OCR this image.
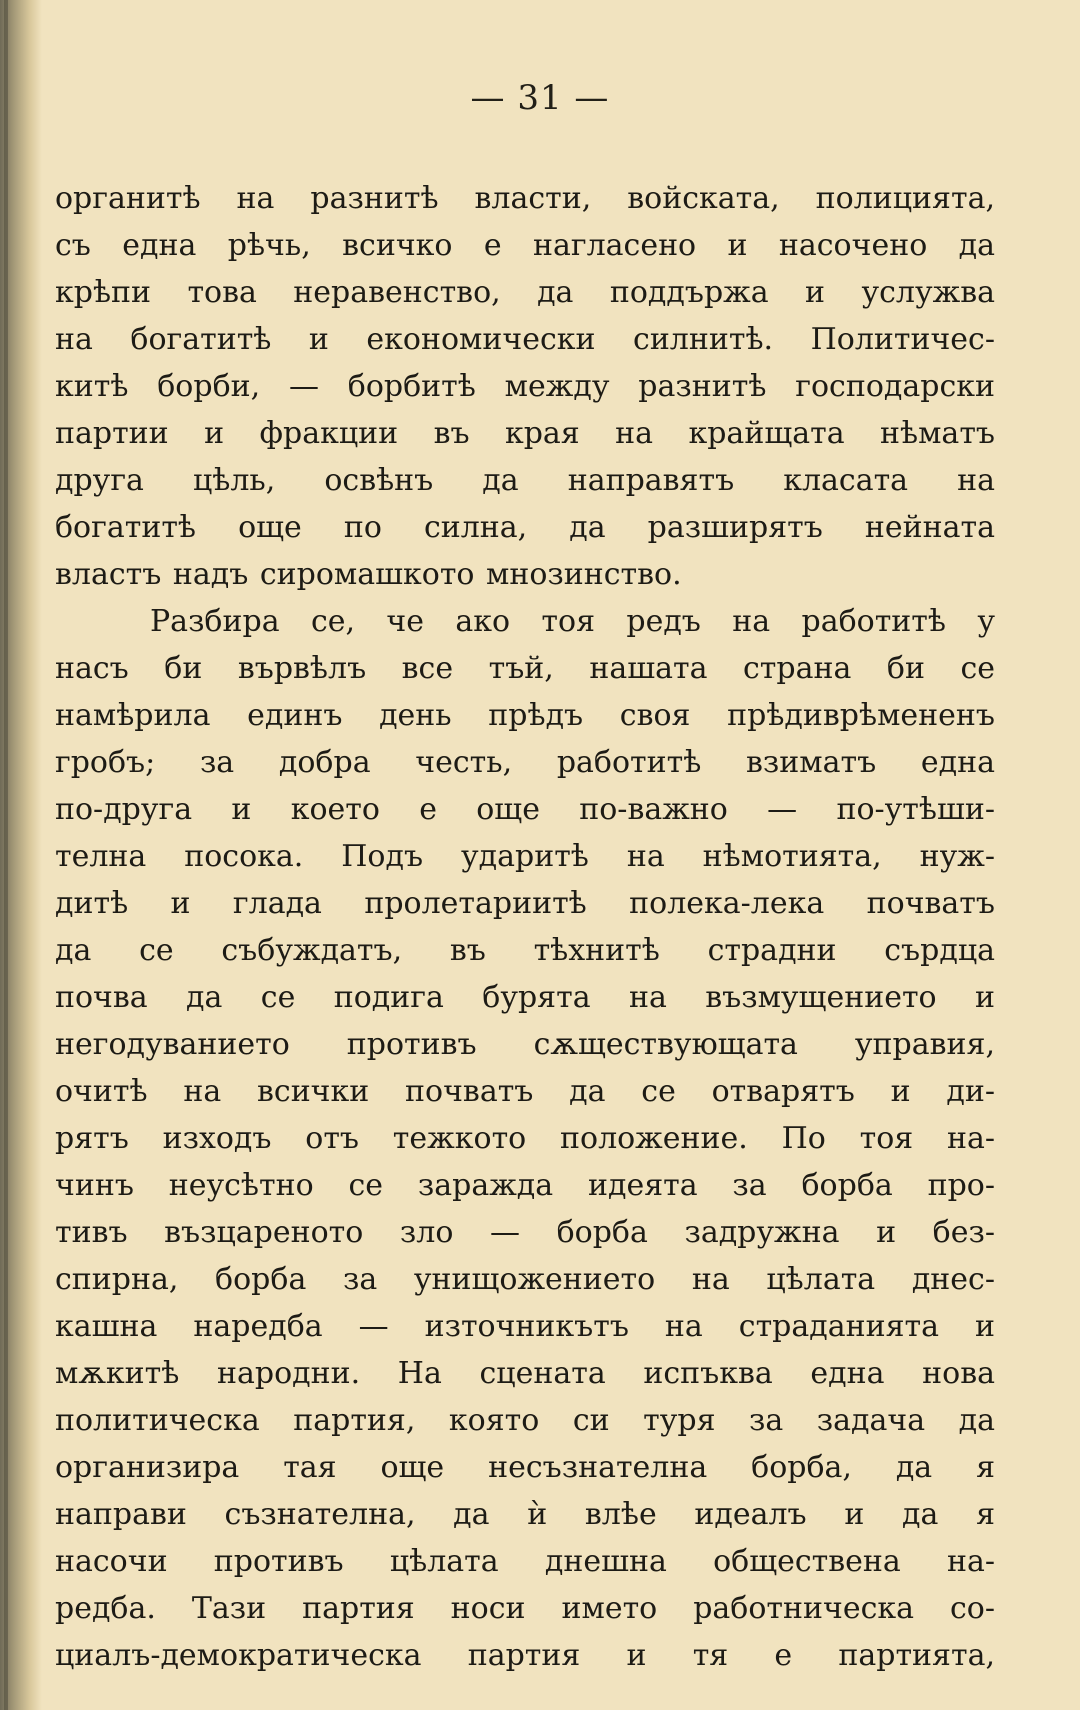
— 31 —
органитѣ на разнитѣ власти, войската, полицията,
съ една рѣчь, всичко е нагласено и насочено да
крѣпи това неравенство, да поддържа и услужва
на богатитѣ и економически силнитѣ. Политичес-
китѣ борби, — борбитѣ между разнитѣ господарски
партии и фракции въ края на крайщата нѣматъ
друга цѣль, освѣнъ да направятъ класата на
богатитѣ още по силна, да разширятъ нейната
властъ надъ сиромашкото мнозинство.
Разбира се, че ако тоя редъ на работитѣ у
насъ би вървѣлъ все тъй, нашата страна би се
намѣрила единъ день прѣдъ своя прѣдиврѣмененъ
гробъ; за добра честь, работитѣ взиматъ една
по-друга и което е още по-важно — по-утѣши-
телна посока. Подъ ударитѣ на нѣмотията, нуж-
дитѣ и глада пролетариитѣ полека-лека почватъ
да се събуждатъ, въ тѣхнитѣ страдни сърдца
почва да се подига бурята на възмущението и
негодуванието противъ сѫществующата управия,
очитѣ на всички почватъ да се отварятъ и ди-
рятъ изходъ отъ тежкото положение. По тоя на-
чинъ неусѣтно се заражда идеята за борба про-
тивъ възцареното зло — борба задружна и без-
спирна, борба за унищожението на цѣлата днес-
кашна наредба — източникътъ на страданията и
мѫкитѣ народни. На сцената испъква една нова
политическа партия, която си туря за задача да
организира тая още несъзнателна борба, да я
направи съзнателна, да ѝ влѣе идеалъ и да я
насочи противъ цѣлата днешна обществена на-
редба. Тази партия носи името работническа со-
циалъ-демократическа партия и тя е партията,
